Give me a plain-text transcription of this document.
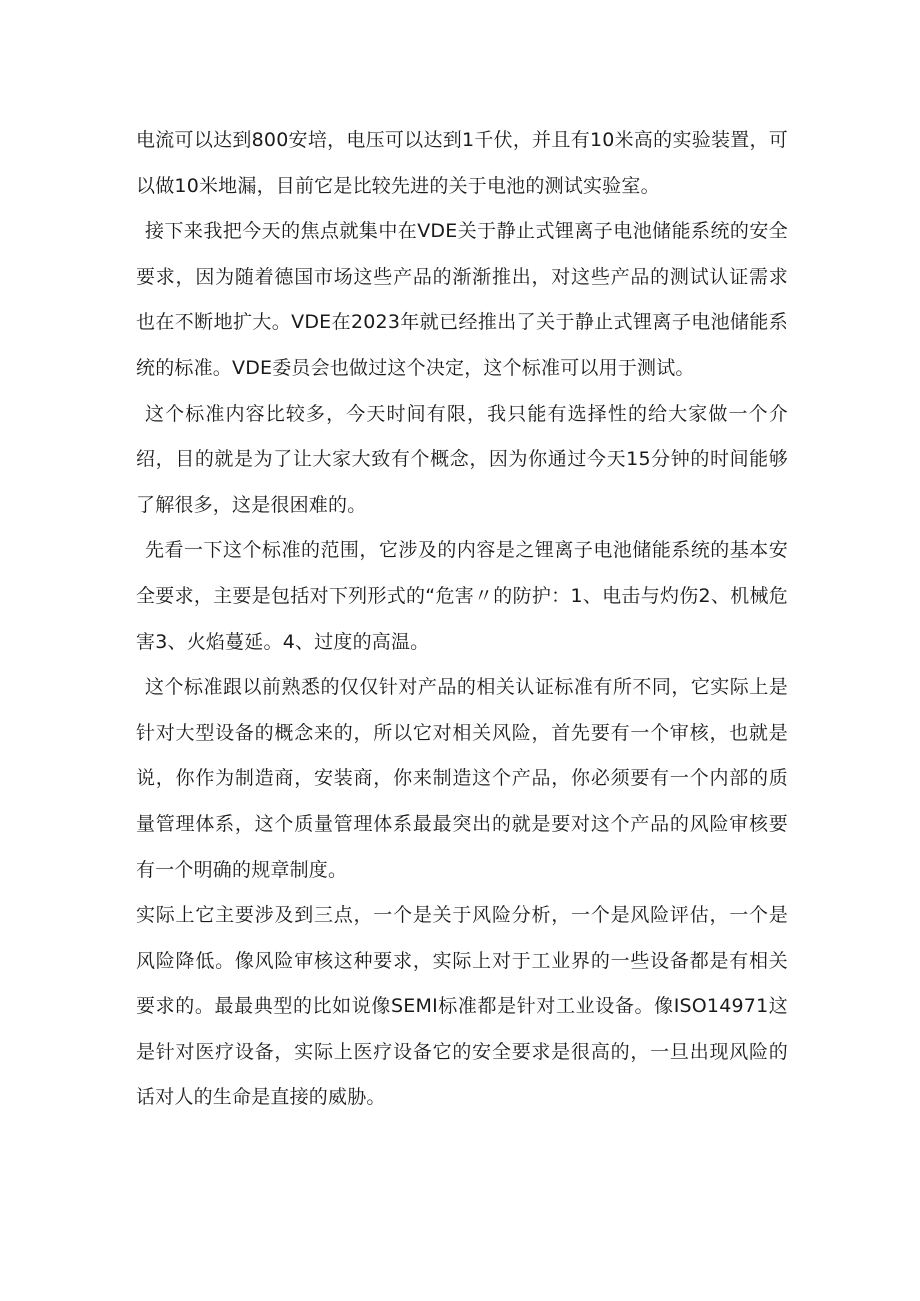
电流可以达到800安培，电压可以达到1千伏，并且有10米高的实验装置，可以做10米地漏，目前它是比较先进的关于电池的测试实验室。

接下来我把今天的焦点就集中在VDE关于静止式锂离子电池储能系统的安全要求，因为随着德国市场这些产品的渐渐推出，对这些产品的测试认证需求也在不断地扩大。VDE在2023年就已经推出了关于静止式锂离子电池储能系统的标准。VDE委员会也做过这个决定，这个标准可以用于测试。

这个标准内容比较多，今天时间有限，我只能有选择性的给大家做一个介绍，目的就是为了让大家大致有个概念，因为你通过今天15分钟的时间能够了解很多，这是很困难的。

先看一下这个标准的范围，它涉及的内容是之锂离子电池储能系统的基本安全要求，主要是包括对下列形式的“危害〃的防护：1、电击与灼伤2、机械危害3、火焰蔓延。4、过度的高温。

这个标准跟以前熟悉的仅仅针对产品的相关认证标准有所不同，它实际上是针对大型设备的概念来的，所以它对相关风险，首先要有一个审核，也就是说，你作为制造商，安装商，你来制造这个产品，你必须要有一个内部的质量管理体系，这个质量管理体系最最突出的就是要对这个产品的风险审核要有一个明确的规章制度。

实际上它主要涉及到三点，一个是关于风险分析，一个是风险评估，一个是风险降低。像风险审核这种要求，实际上对于工业界的一些设备都是有相关要求的。最最典型的比如说像SEMI标准都是针对工业设备。像ISO14971这是针对医疗设备，实际上医疗设备它的安全要求是很高的，一旦出现风险的话对人的生命是直接的威胁。
